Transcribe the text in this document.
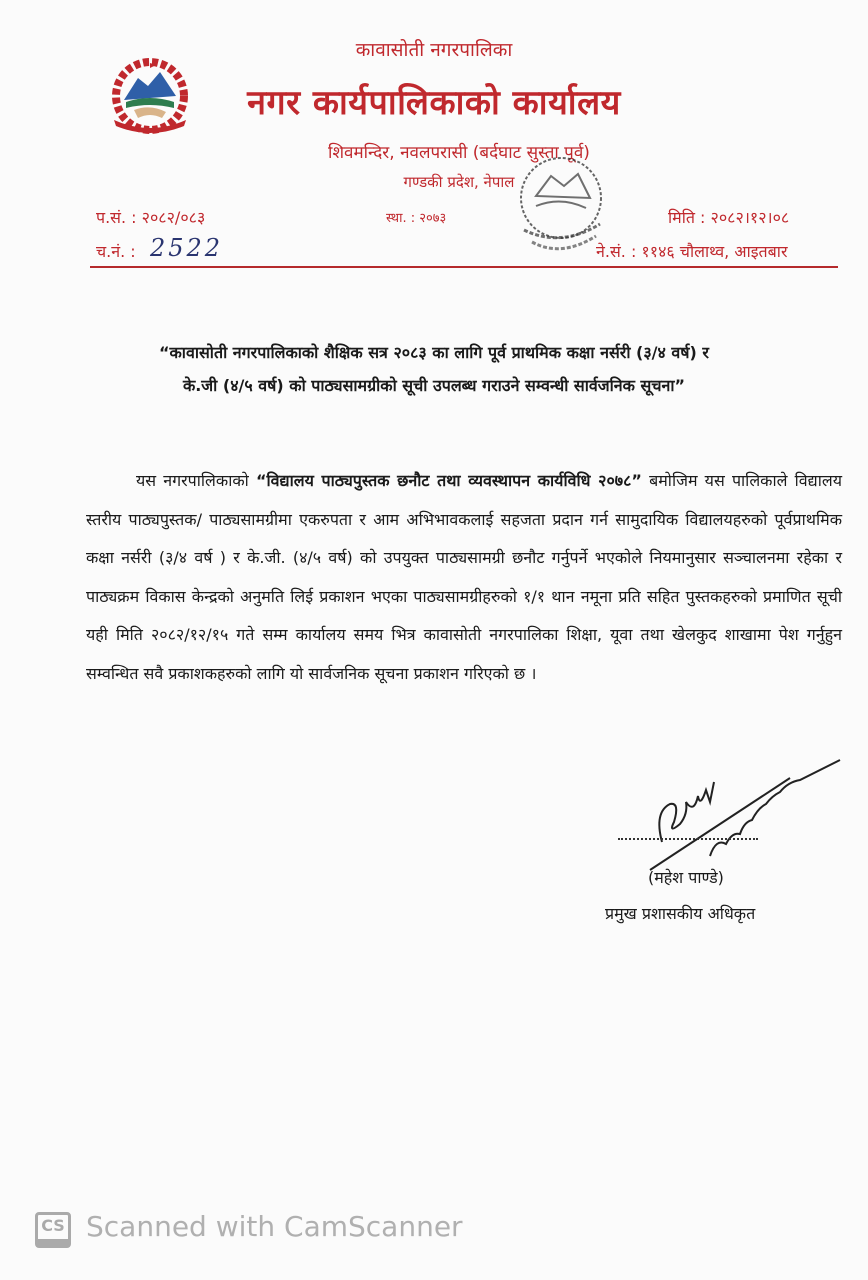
कावासोती नगरपालिका
नगर कार्यपालिकाको कार्यालय
शिवमन्दिर, नवलपरासी (बर्दघाट सुस्ता पूर्व)
गण्डकी प्रदेश, नेपाल
प.सं. : २०८२/०८३	स्था. : २०७३	मिति : २०८२।१२।०८
च.नं. : 2522	ने.सं. : ११४६ चौलाथ्व, आइतबार
“कावासोती नगरपालिकाको शैक्षिक सत्र २०८३ का लागि पूर्व प्राथमिक कक्षा नर्सरी (३/४ वर्ष) र
के.जी (४/५ वर्ष) को पाठ्यसामग्रीको सूची उपलब्ध गराउने सम्वन्धी सार्वजनिक सूचना”

यस नगरपालिकाको “विद्यालय पाठ्यपुस्तक छनौट तथा व्यवस्थापन कार्यविधि २०७८” बमोजिम यस पालिकाले विद्यालय स्तरीय पाठ्यपुस्तक/ पाठ्यसामग्रीमा एकरुपता र आम अभिभावकलाई सहजता प्रदान गर्न सामुदायिक विद्यालयहरुको पूर्वप्राथमिक कक्षा नर्सरी (३/४ वर्ष ) र के.जी. (४/५ वर्ष) को उपयुक्त पाठ्यसामग्री छनौट गर्नुपर्ने भएकोले नियमानुसार सञ्चालनमा रहेका र पाठ्यक्रम विकास केन्द्रको अनुमति लिई प्रकाशन भएका पाठ्यसामग्रीहरुको १/१ थान नमूना प्रति सहित पुस्तकहरुको प्रमाणित सूची यही मिति २०८२/१२/१५ गते सम्म कार्यालय समय भित्र कावासोती नगरपालिका शिक्षा, यूवा तथा खेलकुद शाखामा पेश गर्नुहुन सम्वन्धित सवै प्रकाशकहरुको लागि यो सार्वजनिक सूचना प्रकाशन गरिएको छ ।

(महेश पाण्डे)
प्रमुख प्रशासकीय अधिकृत
CS Scanned with CamScanner
